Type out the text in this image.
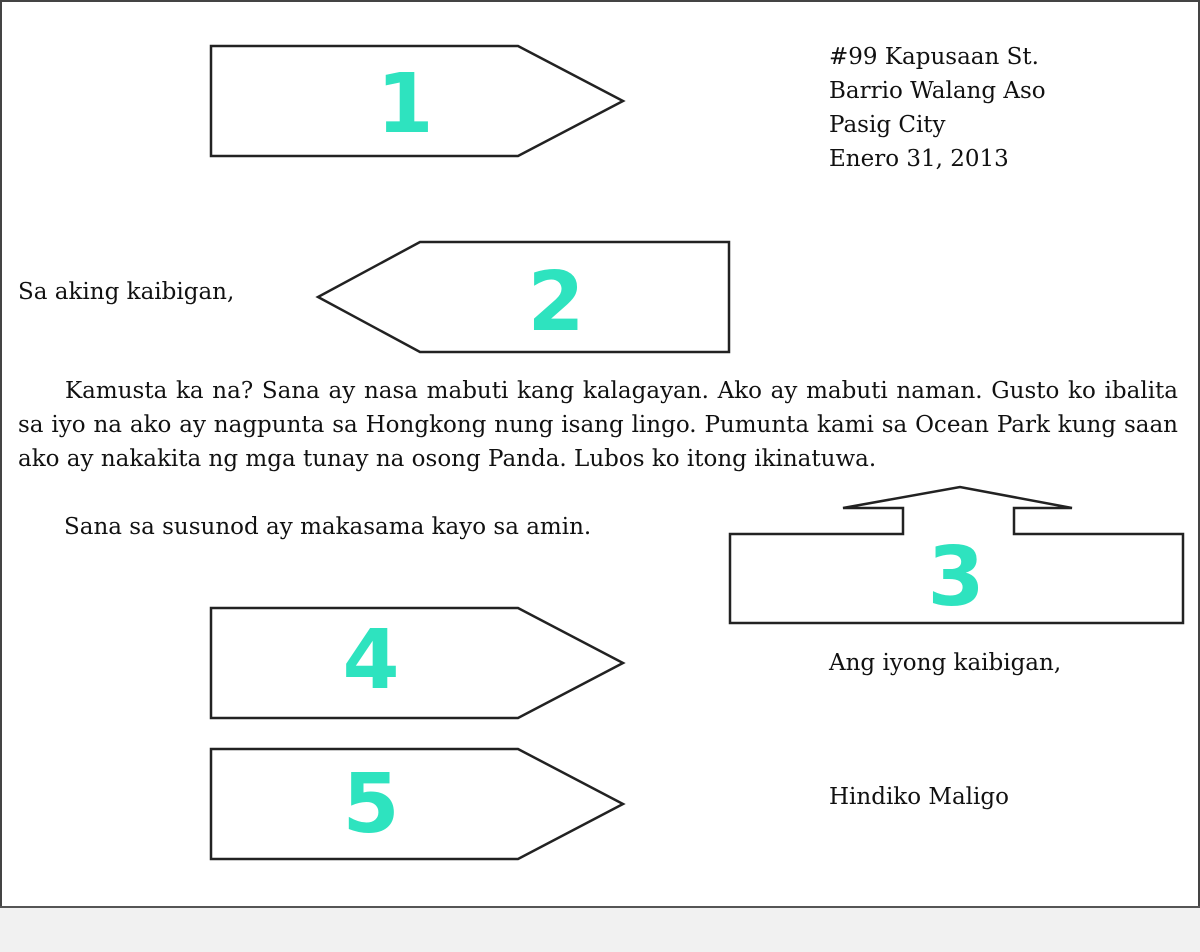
1
2
3
4
5
#99 Kapusaan St.
Barrio Walang Aso
Pasig City
Enero 31, 2013
Sa aking kaibigan,
Kamusta ka na? Sana ay nasa mabuti kang kalagayan. Ako ay mabuti naman. Gusto ko ibalita sa iyo na ako ay nagpunta sa Hongkong nung isang lingo. Pumunta kami sa Ocean Park kung saan ako ay nakakita ng mga tunay na osong Panda. Lubos ko itong ikinatuwa.
Sana sa susunod ay makasama kayo sa amin.
Ang iyong kaibigan,
Hindiko Maligo
